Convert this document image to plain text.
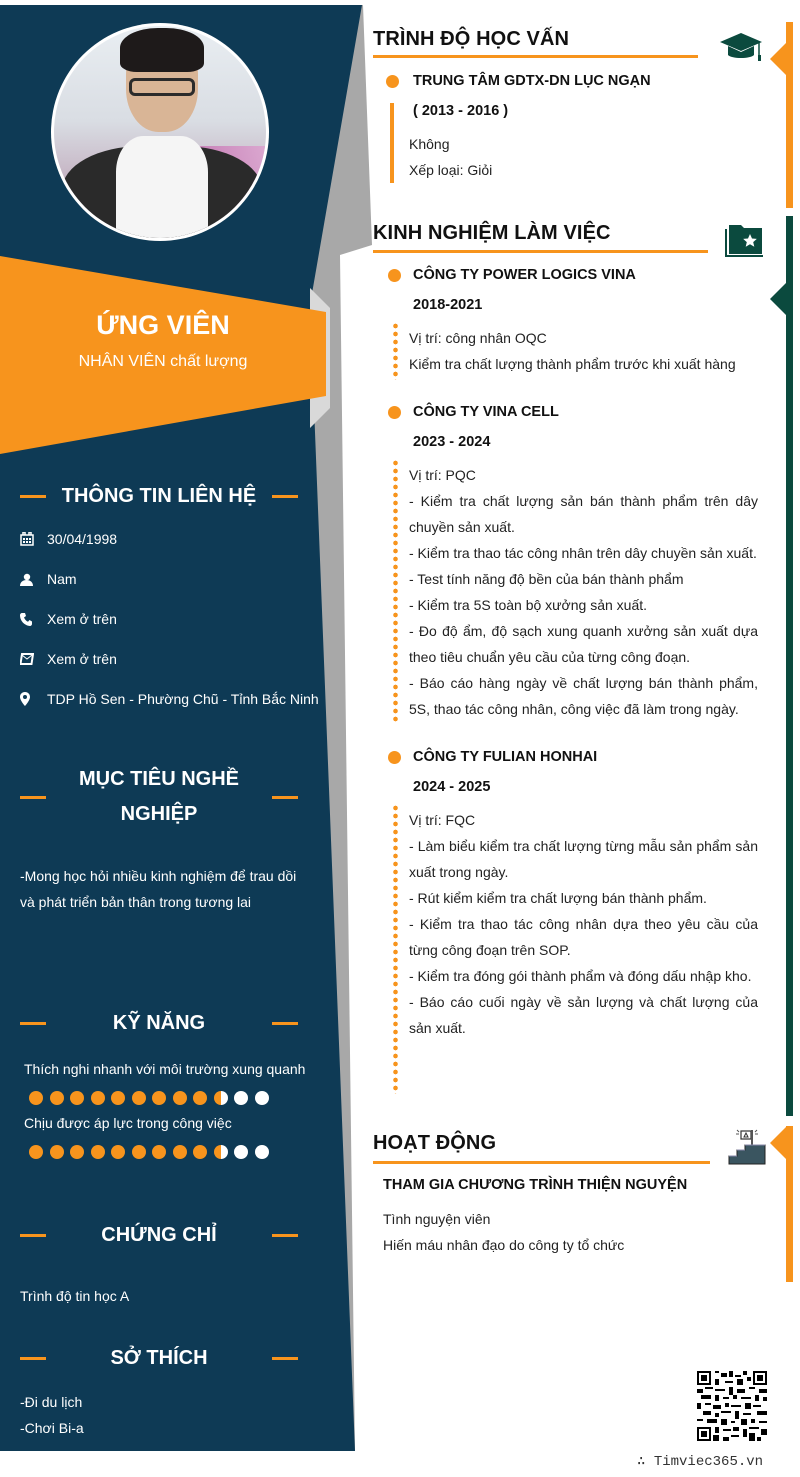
ỨNG VIÊN
NHÂN VIÊN chất lượng
THÔNG TIN LIÊN HỆ
30/04/1998
Nam
Xem ở trên
Xem ở trên
TDP Hồ Sen - Phường Chũ - Tỉnh Bắc Ninh
MỤC TIÊU NGHỀ
NGHIỆP
-Mong học hỏi nhiều kinh nghiệm để trau dồi
và phát triển bản thân trong tương lai
KỸ NĂNG
Thích nghi nhanh với môi trường xung quanh
Chịu được áp lực trong công việc
CHỨNG CHỈ
Trình độ tin học A
SỞ THÍCH
-Đi du lịch
-Chơi Bi-a
TRÌNH ĐỘ HỌC VẤN
TRUNG TÂM GDTX-DN LỤC NGẠN
( 2013 - 2016 )
Không
Xếp loại: Giỏi
KINH NGHIỆM LÀM VIỆC
CÔNG TY POWER LOGICS VINA
2018-2021
Vị trí: công nhân OQC
Kiểm tra chất lượng thành phẩm trước khi xuất hàng
CÔNG TY VINA CELL
2023 - 2024
Vị trí: PQC
- Kiểm tra chất lượng sản bán thành phẩm trên dây chuyền sản xuất.
- Kiểm tra thao tác công nhân trên dây chuyền sản xuất.
- Test tính năng độ bền của bán thành phẩm
- Kiểm tra 5S toàn bộ xưởng sản xuất.
- Đo độ ẩm, độ sạch xung quanh xưởng sản xuất dựa theo tiêu chuẩn yêu cầu của từng công đoạn.
- Báo cáo hàng ngày về chất lượng bán thành phẩm, 5S, thao tác công nhân, công việc đã làm trong ngày.
CÔNG TY FULIAN HONHAI
2024 - 2025
Vị trí: FQC
- Làm biểu kiểm tra chất lượng từng mẫu sản phẩm sản xuất trong ngày.
- Rút kiểm kiểm tra chất lượng bán thành phẩm.
- Kiểm tra thao tác công nhân dựa theo yêu cầu của từng công đoạn trên SOP.
- Kiểm tra đóng gói thành phẩm và đóng dấu nhập kho.
- Báo cáo cuối ngày về sản lượng và chất lượng của sản xuất.
HOẠT ĐỘNG
THAM GIA CHƯƠNG TRÌNH THIỆN NGUYỆN
Tình nguyện viên
Hiến máu nhân đạo do công ty tổ chức
∴ Timviec365.vn
